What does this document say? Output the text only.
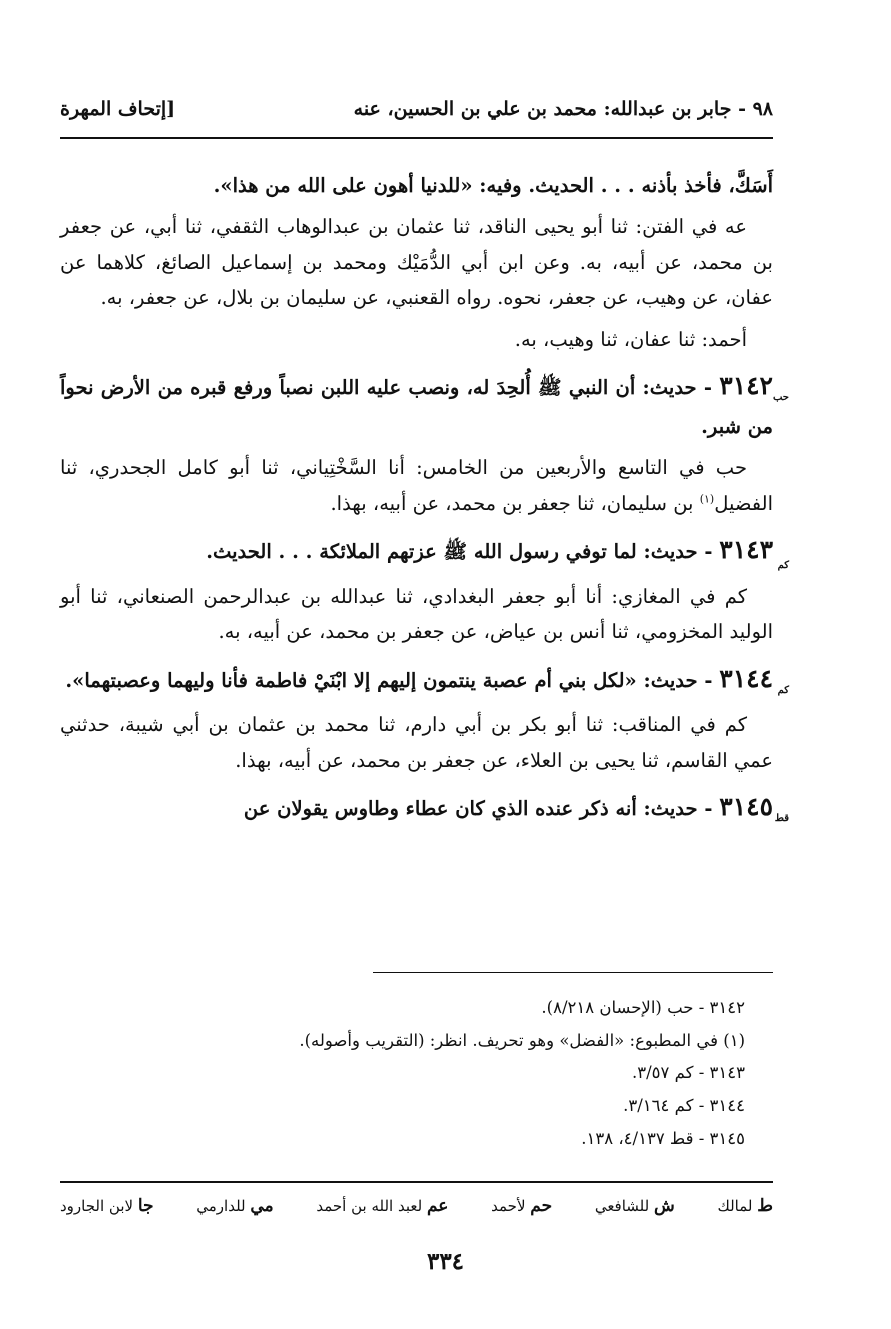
٩٨ - جابر بن عبدالله: محمد بن علي بن الحسين، عنه
[إتحاف المهرة

أَسَكَّ، فأخذ بأذنه . . . الحديث. وفيه: «للدنيا أهون على الله من هذا».

عه في الفتن: ثنا أبو يحيى الناقد، ثنا عثمان بن عبدالوهاب الثقفي، ثنا أبي، عن جعفر بن محمد، عن أبيه، به. وعن ابن أبي الدُّمَيْك ومحمد بن إسماعيل الصائغ، كلاهما عن عفان، عن وهيب، عن جعفر، نحوه. رواه القعنبي، عن سليمان بن بلال، عن جعفر، به.

أحمد: ثنا عفان، ثنا وهيب، به.

٣١٤٢ - حديث: أن النبي ﷺ أُلحِدَ له، ونصب عليه اللبن نصباً ورفع قبره من الأرض نحواً من شبر.
حب

حب في التاسع والأربعين من الخامس: أنا السَّخْتِياني، ثنا أبو كامل الجحدري، ثنا الفضيل$^{(١)}$ بن سليمان، ثنا جعفر بن محمد، عن أبيه، بهذا.

٣١٤٣ - حديث: لما توفي رسول الله ﷺ عزتهم الملائكة . . . الحديث.
كم

كم في المغازي: أنا أبو جعفر البغدادي، ثنا عبدالله بن عبدالرحمن الصنعاني، ثنا أبو الوليد المخزومي، ثنا أنس بن عياض، عن جعفر بن محمد، عن أبيه، به.

٣١٤٤ - حديث: «لكل بني أم عصبة ينتمون إليهم إلا ابْنَيْ فاطمة فأنا وليهما وعصبتهما».	كم

كم في المناقب: ثنا أبو بكر بن أبي دارم، ثنا محمد بن عثمان بن أبي شيبة، حدثني عمي القاسم، ثنا يحيى بن العلاء، عن جعفر بن محمد، عن أبيه، بهذا.

٣١٤٥ - حديث: أنه ذكر عنده الذي كان عطاء وطاوس يقولان عن	قط

٣١٤٢ - حب (الإحسان ٨/٢١٨).
(١) في المطبوع: «الفضل» وهو تحريف. انظر: (التقريب وأصوله).
٣١٤٣ - كم ٣/٥٧.
٣١٤٤ - كم ٣/١٦٤.
٣١٤٥ - قط ٤/١٣٧، ١٣٨.
ط لمالك
ش للشافعي
حم لأحمد
عم لعبد الله بن أحمد
مي للدارمي
جا لابن الجارود
٣٣٤
